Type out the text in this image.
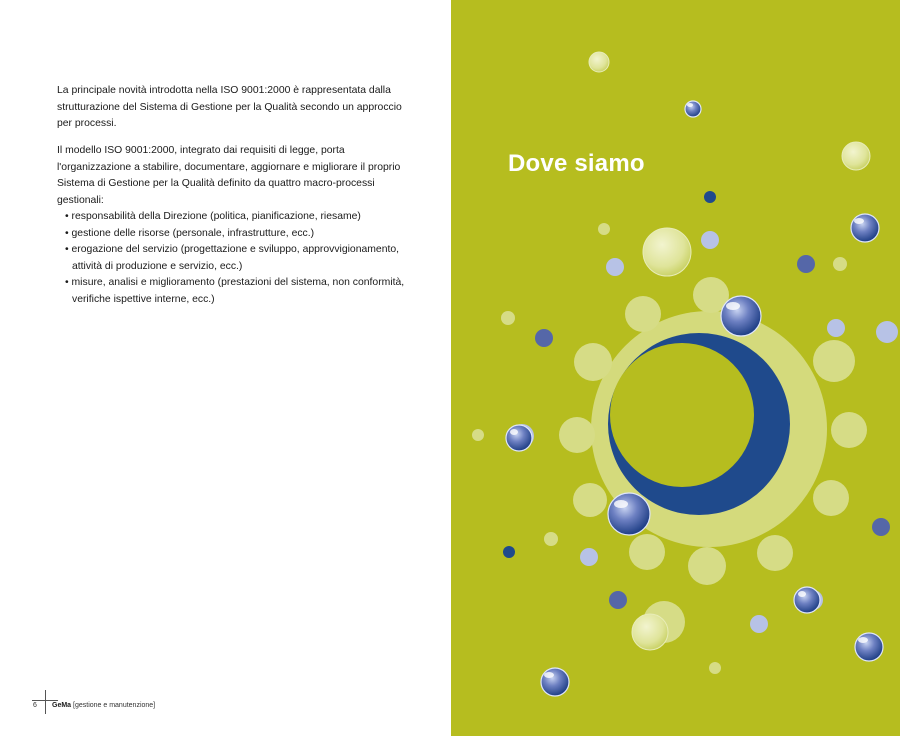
La principale novità introdotta nella ISO 9001:2000 è rappresentata dalla strutturazione del Sistema di Gestione per la Qualità secondo un approccio per processi.

Il modello ISO 9001:2000, integrato dai requisiti di legge, porta l'organizzazione a stabilire, documentare, aggiornare e migliorare il proprio Sistema di Gestione per la Qualità definito da quattro macro-processi gestionali:
• responsabilità della Direzione (politica, pianificazione, riesame)
• gestione delle risorse (personale, infrastrutture, ecc.)
• erogazione del servizio (progettazione e sviluppo, approvvigionamento, attività di produzione e servizio, ecc.)
• misure, analisi e miglioramento (prestazioni del sistema, non conformità, verifiche ispettive interne, ecc.)
6 GeMa [gestione e manutenzione]
Dove siamo
